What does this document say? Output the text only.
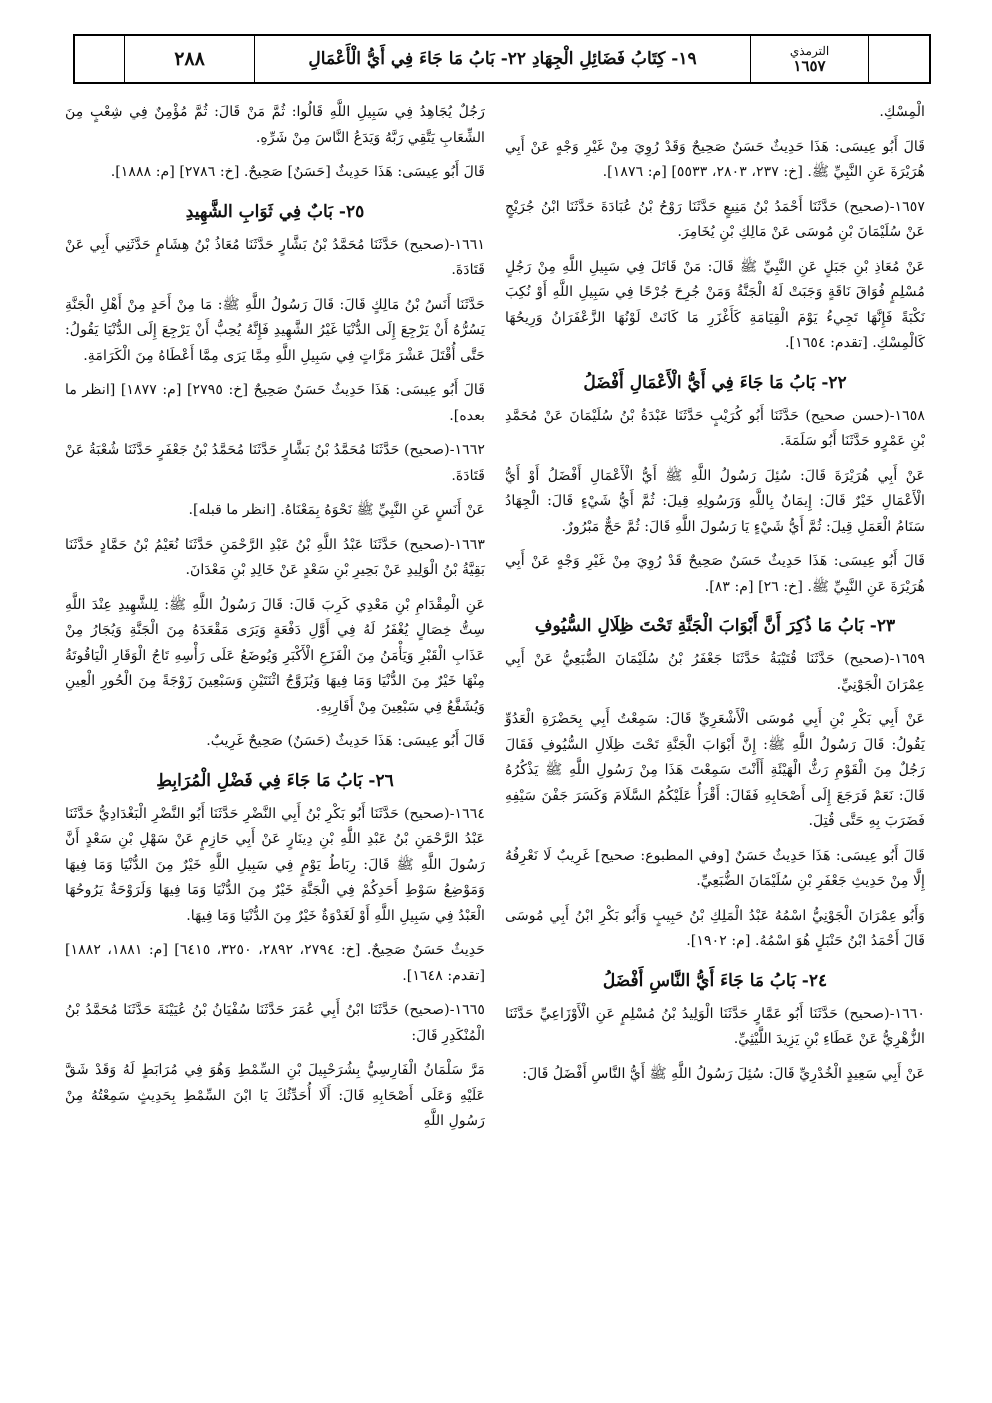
٢٨٨	١٩- كِتَابُ فَضَائِلِ الْجِهَادِ ٢٢- بَابُ مَا جَاءَ فِي أَيُّ الْأَعْمَالِ	الترمذي
١٦٥٧
الْمِسْكِ.
قَالَ أَبُو عِيسَى: هَذَا حَدِيثٌ حَسَنٌ صَحِيحٌ وَقَدْ رُوِيَ مِنْ غَيْرِ وَجْهٍ عَنْ أَبِي هُرَيْرَةَ عَنِ النَّبِيِّ ﷺ. [خ: ٢٣٧، ٢٨٠٣، ٥٥٣٣] [م: ١٨٧٦].
١٦٥٧-(صحيح) حَدَّثَنَا أَحْمَدُ بْنُ مَنِيعٍ حَدَّثَنَا رَوْحُ بْنُ عُبَادَةَ حَدَّثَنَا ابْنُ جُرَيْجٍ عَنْ سُلَيْمَانَ بْنِ مُوسَى عَنْ مَالِكِ بْنِ يُخَامِرَ.
عَنْ مُعَاذِ بْنِ جَبَلٍ عَنِ النَّبِيِّ ﷺ قَالَ: مَنْ قَاتَلَ فِي سَبِيلِ اللَّهِ مِنْ رَجُلٍ مُسْلِمٍ فُوَاقَ نَاقَةٍ وَجَبَتْ لَهُ الْجَنَّةُ وَمَنْ جُرِحَ جُرْحًا فِي سَبِيلِ اللَّهِ أَوْ نُكِبَ نَكْبَةً فَإِنَّهَا تَجِيءُ يَوْمَ الْقِيَامَةِ كَأَغْزَرِ مَا كَانَتْ لَوْنُهَا الزَّعْفَرَانُ وَرِيحُهَا كَالْمِسْكِ. [تقدم: ١٦٥٤].
٢٢- بَابُ مَا جَاءَ فِي أَيُّ الْأَعْمَالِ أَفْضَلُ
١٦٥٨-(حسن صحيح) حَدَّثَنَا أَبُو كُرَيْبٍ حَدَّثَنَا عَبْدَةُ بْنُ سُلَيْمَانَ عَنْ مُحَمَّدِ بْنِ عَمْرٍو حَدَّثَنَا أَبُو سَلَمَةَ.
عَنْ أَبِي هُرَيْرَةَ قَالَ: سُئِلَ رَسُولُ اللَّهِ ﷺ أَيُّ الْأَعْمَالِ أَفْضَلُ أَوْ أَيُّ الْأَعْمَالِ خَيْرٌ قَالَ: إِيمَانٌ بِاللَّهِ وَرَسُولِهِ قِيلَ: ثُمَّ أَيُّ شَيْءٍ قَالَ: الْجِهَادُ سَنَامُ الْعَمَلِ قِيلَ: ثُمَّ أَيُّ شَيْءٍ يَا رَسُولَ اللَّهِ قَالَ: ثُمَّ حَجٌّ مَبْرُورٌ.
قَالَ أَبُو عِيسَى: هَذَا حَدِيثٌ حَسَنٌ صَحِيحٌ قَدْ رُوِيَ مِنْ غَيْرِ وَجْهٍ عَنْ أَبِي هُرَيْرَةَ عَنِ النَّبِيِّ ﷺ. [خ: ٢٦] [م: ٨٣].
٢٣- بَابُ مَا ذُكِرَ أَنَّ أَبْوَابَ الْجَنَّةِ تَحْتَ ظِلَالِ السُّيُوفِ
١٦٥٩-(صحيح) حَدَّثَنَا قُتَيْبَةُ حَدَّثَنَا جَعْفَرُ بْنُ سُلَيْمَانَ الضُّبَعِيُّ عَنْ أَبِي عِمْرَانَ الْجَوْنِيِّ.
عَنْ أَبِي بَكْرِ بْنِ أَبِي مُوسَى الْأَشْعَرِيِّ قَالَ: سَمِعْتُ أَبِي بِحَضْرَةِ الْعَدُوِّ يَقُولُ: قَالَ رَسُولُ اللَّهِ ﷺ: إِنَّ أَبْوَابَ الْجَنَّةِ تَحْتَ ظِلَالِ السُّيُوفِ فَقَالَ رَجُلٌ مِنَ الْقَوْمِ رَثُّ الْهَيْئَةِ أَأَنْتَ سَمِعْتَ هَذَا مِنْ رَسُولِ اللَّهِ ﷺ يَذْكُرُهُ قَالَ: نَعَمْ فَرَجَعَ إِلَى أَصْحَابِهِ فَقَالَ: أَقْرَأُ عَلَيْكُمُ السَّلَامَ وَكَسَرَ جَفْنَ سَيْفِهِ فَضَرَبَ بِهِ حَتَّى قُتِلَ.
قَالَ أَبُو عِيسَى: هَذَا حَدِيثٌ حَسَنٌ [وفي المطبوع: صحيح] غَرِيبٌ لَا نَعْرِفُهُ إِلَّا مِنْ حَدِيثِ جَعْفَرِ بْنِ سُلَيْمَانَ الضُّبَعِيِّ.
وَأَبُو عِمْرَانَ الْجَوْنِيُّ اسْمُهُ عَبْدُ الْمَلِكِ بْنُ حَبِيبٍ وَأَبُو بَكْرِ ابْنُ أَبِي مُوسَى قَالَ أَحْمَدُ ابْنُ حَنْبَلٍ هُوَ اسْمُهُ. [م: ١٩٠٢].
٢٤- بَابُ مَا جَاءَ أَيُّ النَّاسِ أَفْضَلُ
١٦٦٠-(صحيح) حَدَّثَنَا أَبُو عَمَّارٍ حَدَّثَنَا الْوَلِيدُ بْنُ مُسْلِمٍ عَنِ الْأَوْزَاعِيِّ حَدَّثَنَا الزُّهْرِيُّ عَنْ عَطَاءِ بْنِ يَزِيدَ اللَّيْثِيِّ.
عَنْ أَبِي سَعِيدٍ الْخُدْرِيِّ قَالَ: سُئِلَ رَسُولُ اللَّهِ ﷺ أَيُّ النَّاسِ أَفْضَلُ قَالَ:
رَجُلٌ يُجَاهِدُ فِي سَبِيلِ اللَّهِ قَالُوا: ثُمَّ مَنْ قَالَ: ثُمَّ مُؤْمِنٌ فِي شِعْبٍ مِنَ الشِّعَابِ يَتَّقِي رَبَّهُ وَيَدَعُ النَّاسَ مِنْ شَرِّهِ.
قَالَ أَبُو عِيسَى: هَذَا حَدِيثٌ [حَسَنٌ] صَحِيحٌ. [خ: ٢٧٨٦] [م: ١٨٨٨].
٢٥- بَابٌ فِي ثَوَابِ الشَّهِيدِ
١٦٦١-(صحيح) حَدَّثَنَا مُحَمَّدُ بْنُ بَشَّارٍ حَدَّثَنَا مُعَاذُ بْنُ هِشَامٍ حَدَّثَنِي أَبِي عَنْ قَتَادَةَ.
حَدَّثَنَا أَنَسُ بْنُ مَالِكٍ قَالَ: قَالَ رَسُولُ اللَّهِ ﷺ: مَا مِنْ أَحَدٍ مِنْ أَهْلِ الْجَنَّةِ يَسُرُّهُ أَنْ يَرْجِعَ إِلَى الدُّنْيَا غَيْرُ الشَّهِيدِ فَإِنَّهُ يُحِبُّ أَنْ يَرْجِعَ إِلَى الدُّنْيَا يَقُولُ: حَتَّى أُقْتَلَ عَشْرَ مَرَّاتٍ فِي سَبِيلِ اللَّهِ مِمَّا يَرَى مِمَّا أَعْطَاهُ مِنَ الْكَرَامَةِ.
قَالَ أَبُو عِيسَى: هَذَا حَدِيثٌ حَسَنٌ صَحِيحٌ [خ: ٢٧٩٥] [م: ١٨٧٧] [انظر ما بعده].
١٦٦٢-(صحيح) حَدَّثَنَا مُحَمَّدُ بْنُ بَشَّارٍ حَدَّثَنَا مُحَمَّدُ بْنُ جَعْفَرٍ حَدَّثَنَا شُعْبَةُ عَنْ قَتَادَةَ.
عَنْ أَنَسٍ عَنِ النَّبِيِّ ﷺ نَحْوَهُ بِمَعْنَاهُ. [انظر ما قبله].
١٦٦٣-(صحيح) حَدَّثَنَا عَبْدُ اللَّهِ بْنُ عَبْدِ الرَّحْمَنِ حَدَّثَنَا نُعَيْمُ بْنُ حَمَّادٍ حَدَّثَنَا بَقِيَّةُ بْنُ الْوَلِيدِ عَنْ بَحِيرِ بْنِ سَعْدٍ عَنْ خَالِدِ بْنِ مَعْدَانَ.
عَنِ الْمِقْدَامِ بْنِ مَعْدِي كَرِبَ قَالَ: قَالَ رَسُولُ اللَّهِ ﷺ: لِلشَّهِيدِ عِنْدَ اللَّهِ سِتُّ خِصَالٍ يُغْفَرُ لَهُ فِي أَوَّلِ دَفْعَةٍ وَيَرَى مَقْعَدَهُ مِنَ الْجَنَّةِ وَيُجَارُ مِنْ عَذَابِ الْقَبْرِ وَيَأْمَنُ مِنَ الْفَزَعِ الْأَكْبَرِ وَيُوضَعُ عَلَى رَأْسِهِ تَاجُ الْوَقَارِ الْيَاقُوتَةُ مِنْهَا خَيْرٌ مِنَ الدُّنْيَا وَمَا فِيهَا وَيُزَوَّجُ اثْنَتَيْنِ وَسَبْعِينَ زَوْجَةً مِنَ الْحُورِ الْعِينِ وَيُشَفَّعُ فِي سَبْعِينَ مِنْ أَقَارِبِهِ.
قَالَ أَبُو عِيسَى: هَذَا حَدِيثٌ (حَسَنٌ) صَحِيحٌ غَرِيبٌ.
٢٦- بَابُ مَا جَاءَ فِي فَضْلِ الْمُرَابِطِ
١٦٦٤-(صحيح) حَدَّثَنَا أَبُو بَكْرِ بْنُ أَبِي النَّضْرِ حَدَّثَنَا أَبُو النَّضْرِ الْبَغْدَادِيُّ حَدَّثَنَا عَبْدُ الرَّحْمَنِ بْنُ عَبْدِ اللَّهِ بْنِ دِينَارٍ عَنْ أَبِي حَازِمٍ عَنْ سَهْلِ بْنِ سَعْدٍ أَنَّ رَسُولَ اللَّهِ ﷺ قَالَ: رِبَاطُ يَوْمٍ فِي سَبِيلِ اللَّهِ خَيْرٌ مِنَ الدُّنْيَا وَمَا فِيهَا وَمَوْضِعُ سَوْطِ أَحَدِكُمْ فِي الْجَنَّةِ خَيْرٌ مِنَ الدُّنْيَا وَمَا فِيهَا وَلَرَوْحَةٌ يَرُوحُهَا الْعَبْدُ فِي سَبِيلِ اللَّهِ أَوْ لَغَدْوَةٌ خَيْرٌ مِنَ الدُّنْيَا وَمَا فِيهَا.
حَدِيثٌ حَسَنٌ صَحِيحٌ. [خ: ٢٧٩٤، ٢٨٩٢، ٣٢٥٠، ٦٤١٥] [م: ١٨٨١، ١٨٨٢] [تقدم: ١٦٤٨].
١٦٦٥-(صحيح) حَدَّثَنَا ابْنُ أَبِي عُمَرَ حَدَّثَنَا سُفْيَانُ بْنُ عُيَيْنَةَ حَدَّثَنَا مُحَمَّدُ بْنُ الْمُنْكَدِرِ قَالَ:
مَرَّ سَلْمَانُ الْفَارِسِيُّ بِشُرَحْبِيلَ بْنِ السِّمْطِ وَهُوَ فِي مُرَابَطٍ لَهُ وَقَدْ شَقَّ عَلَيْهِ وَعَلَى أَصْحَابِهِ قَالَ: أَلَا أُحَدِّثُكَ يَا ابْنَ السِّمْطِ بِحَدِيثٍ سَمِعْتُهُ مِنْ رَسُولِ اللَّهِ
